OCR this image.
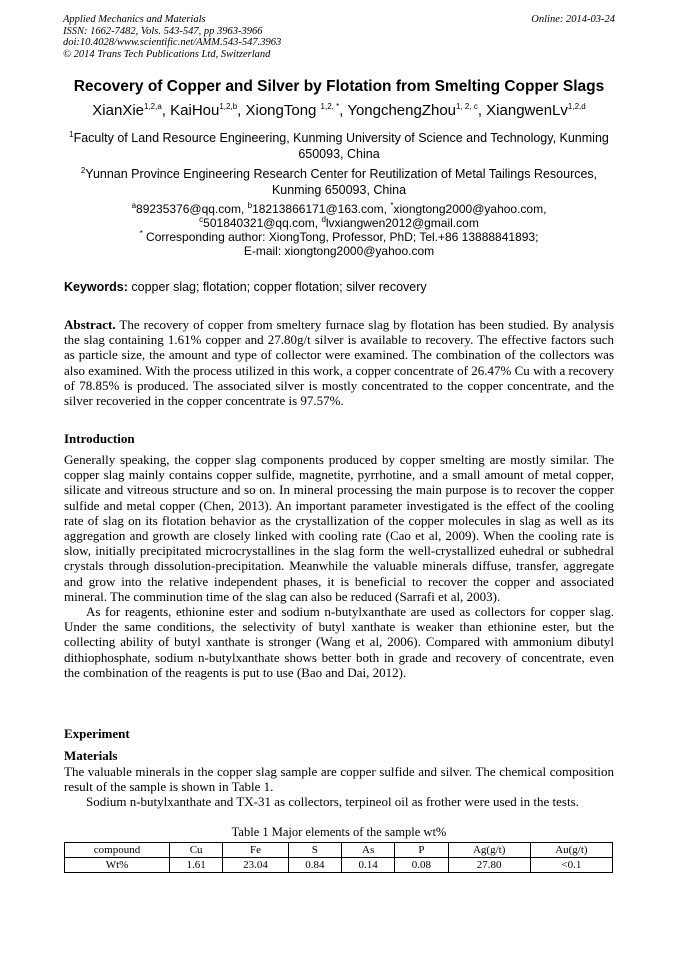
Applied Mechanics and Materials
ISSN: 1662-7482, Vols. 543-547, pp 3963-3966
doi:10.4028/www.scientific.net/AMM.543-547.3963
© 2014 Trans Tech Publications Ltd, Switzerland
Online: 2014-03-24
Recovery of Copper and Silver by Flotation from Smelting Copper Slags
XianXie$^{1,2,a}$, KaiHou$^{1,2,b}$, XiongTong $^{1,2, *}$, YongchengZhou$^{1, 2, c}$, XiangwenLv$^{1,2,d}$
$^1$Faculty of Land Resource Engineering, Kunming University of Science and Technology, Kunming
650093, China
$^2$Yunnan Province Engineering Research Center for Reutilization of Metal Tailings Resources,
Kunming 650093, China
$^a$89235376@qq.com, $^b$18213866171@163.com, *xiongtong2000@yahoo.com,
$^c$501840321@qq.com, $^d$lvxiangwen2012@gmail.com
* Corresponding author: XiongTong, Professor, PhD; Tel.+86 13888841893;
E-mail: xiongtong2000@yahoo.com
Keywords: copper slag; flotation; copper flotation; silver recovery

Abstract. The recovery of copper from smeltery furnace slag by flotation has been studied. By analysis the slag containing 1.61% copper and 27.80g/t silver is available to recovery. The effective factors such as particle size, the amount and type of collector were examined. The combination of the collectors was also examined. With the process utilized in this work, a copper concentrate of 26.47% Cu with a recovery of 78.85% is produced. The associated silver is mostly concentrated to the copper concentrate, and the silver recoveried in the copper concentrate is 97.57%.

Introduction

Generally speaking, the copper slag components produced by copper smelting are mostly similar. The copper slag mainly contains copper sulfide, magnetite, pyrrhotine, and a small amount of metal copper, silicate and vitreous structure and so on. In mineral processing the main purpose is to recover the copper sulfide and metal copper (Chen, 2013). An important parameter investigated is the effect of the cooling rate of slag on its flotation behavior as the crystallization of the copper molecules in slag as well as its aggregation and growth are closely linked with cooling rate (Cao et al, 2009). When the cooling rate is slow, initially precipitated microcrystallines in the slag form the well-crystallized euhedral or subhedral crystals through dissolution-precipitation. Meanwhile the valuable minerals diffuse, transfer, aggregate and grow into the relative independent phases, it is beneficial to recover the copper and associated mineral. The comminution time of the slag can also be reduced (Sarrafi et al, 2003).

As for reagents, ethionine ester and sodium n-butylxanthate are used as collectors for copper slag. Under the same conditions, the selectivity of butyl xanthate is weaker than ethionine ester, but the collecting ability of butyl xanthate is stronger (Wang et al, 2006). Compared with ammonium dibutyl dithiophosphate, sodium n-butylxanthate shows better both in grade and recovery of concentrate, even the combination of the reagents is put to use (Bao and Dai, 2012).

Experiment
Materials

The valuable minerals in the copper slag sample are copper sulfide and silver. The chemical composition result of the sample is shown in Table 1.

Sodium n-butylxanthate and TX-31 as collectors, terpineol oil as frother were used in the tests.

Table 1 Major elements of the sample wt%
compound	Cu	Fe	S	As	P	Ag(g/t)	Au(g/t)
Wt%	1.61	23.04	0.84	0.14	0.08	27.80	<0.1
